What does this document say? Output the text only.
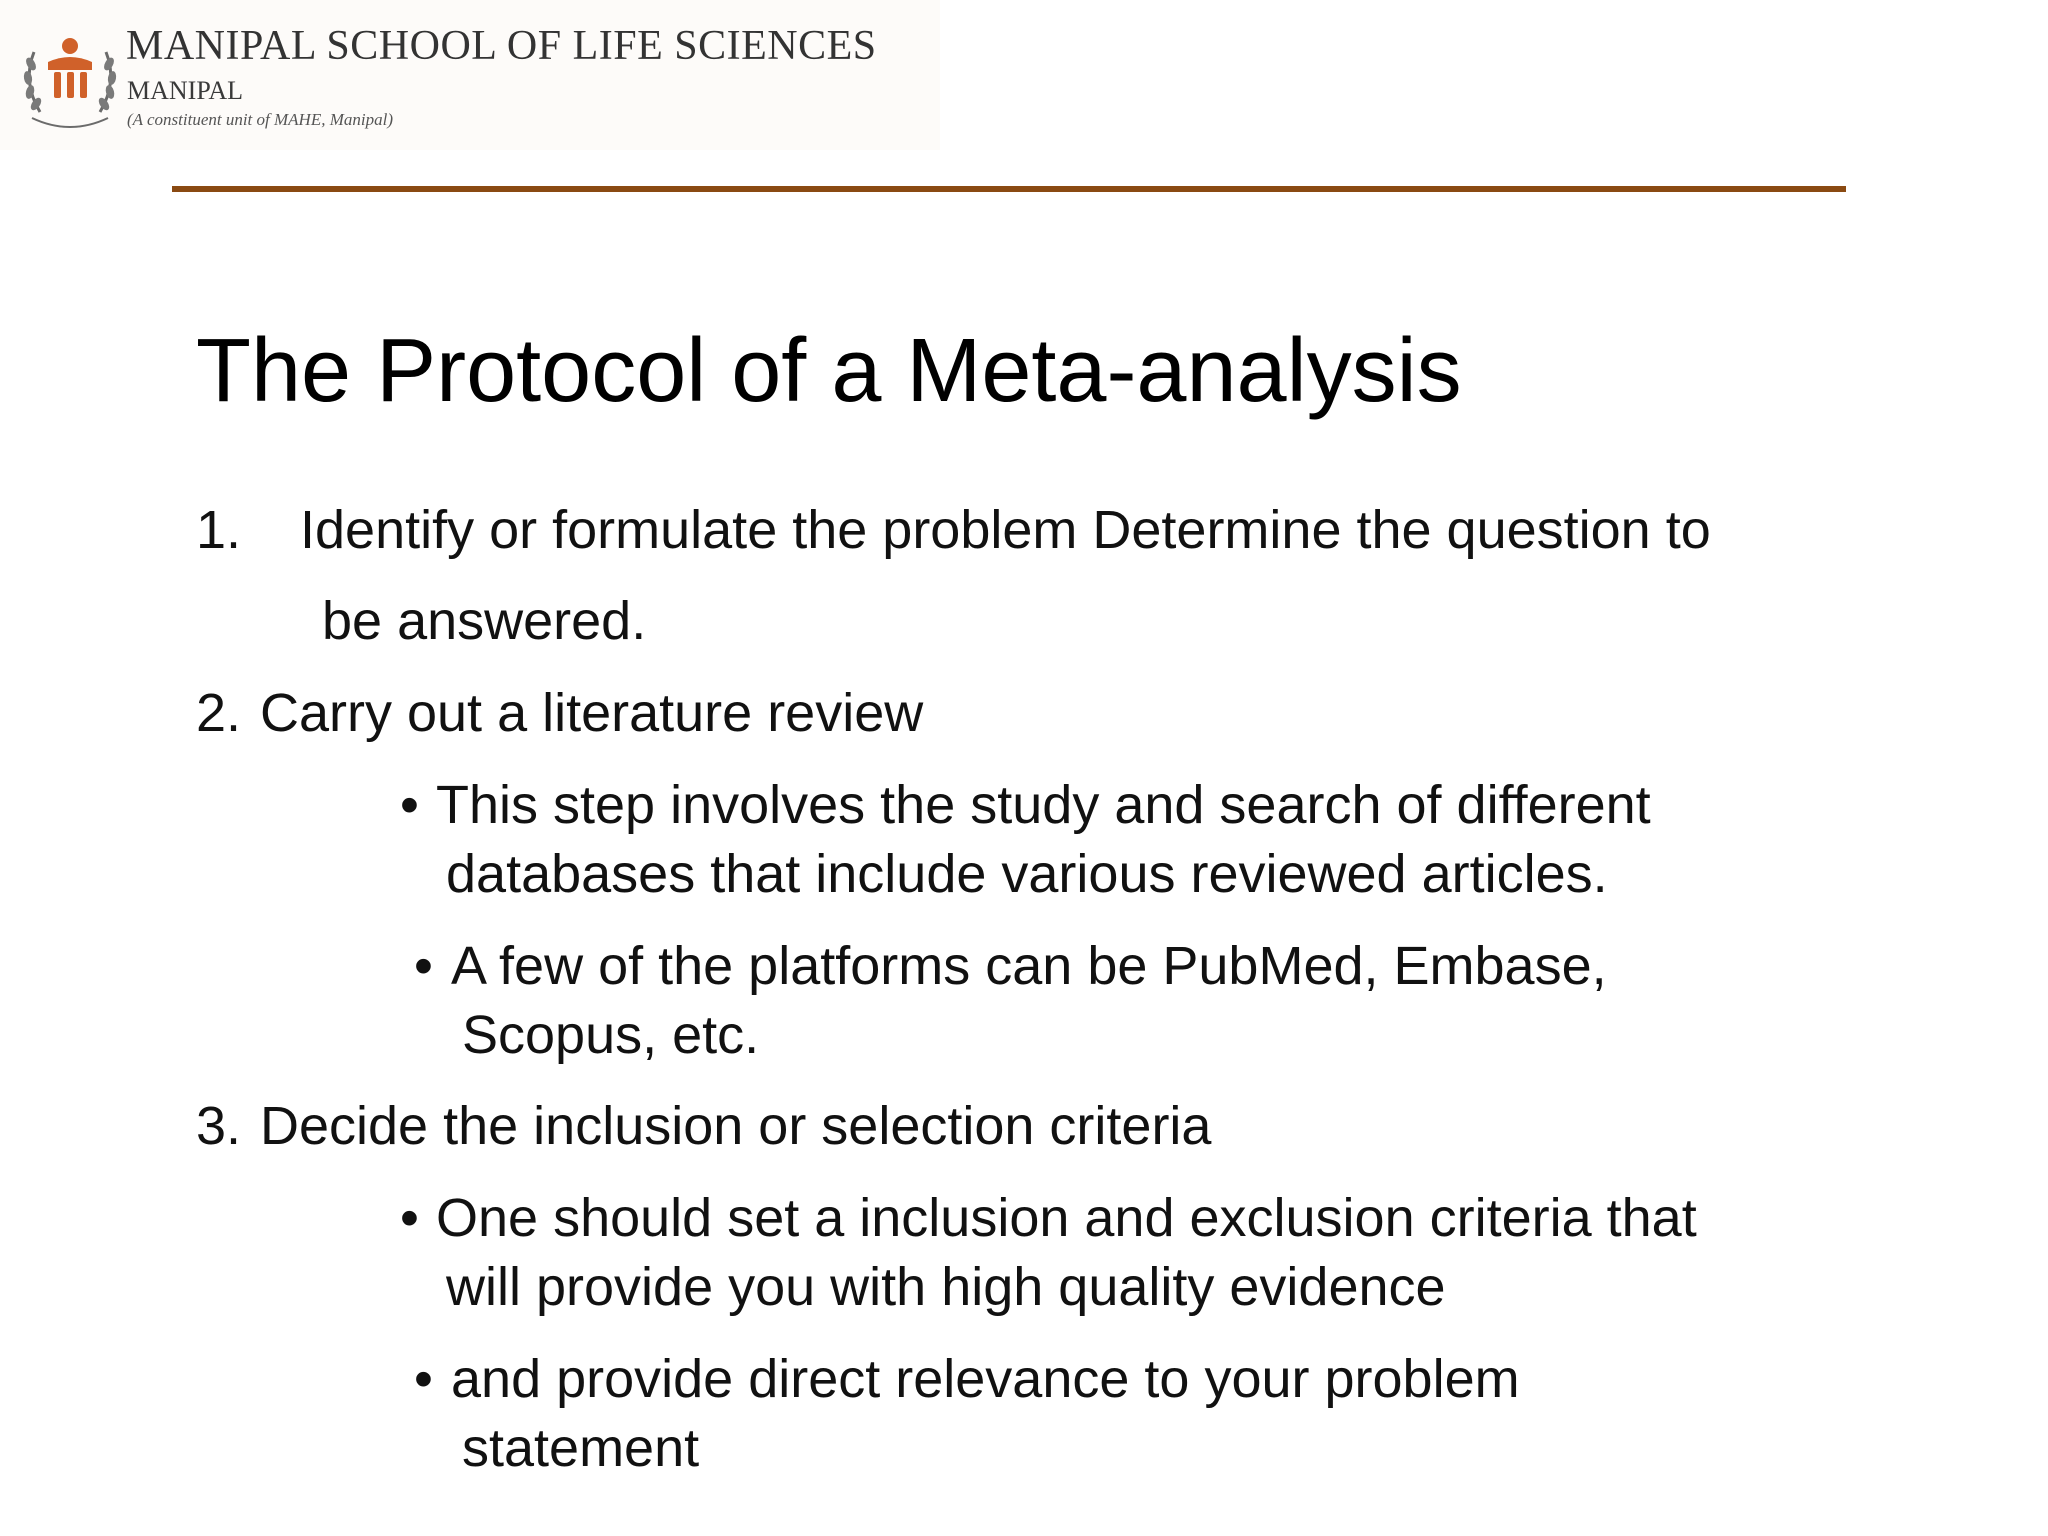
MANIPAL SCHOOL OF LIFE SCIENCES
MANIPAL
(A constituent unit of MAHE, Manipal)
The Protocol of a Meta-analysis
1. Identify or formulate the problem Determine the question to
be answered.
2. Carry out a literature review
• This step involves the study and search of different
databases that include various reviewed articles.
• A few of the platforms can be PubMed, Embase,
Scopus, etc.
3. Decide the inclusion or selection criteria
• One should set a inclusion and exclusion criteria that
will provide you with high quality evidence
• and provide direct relevance to your problem
statement
